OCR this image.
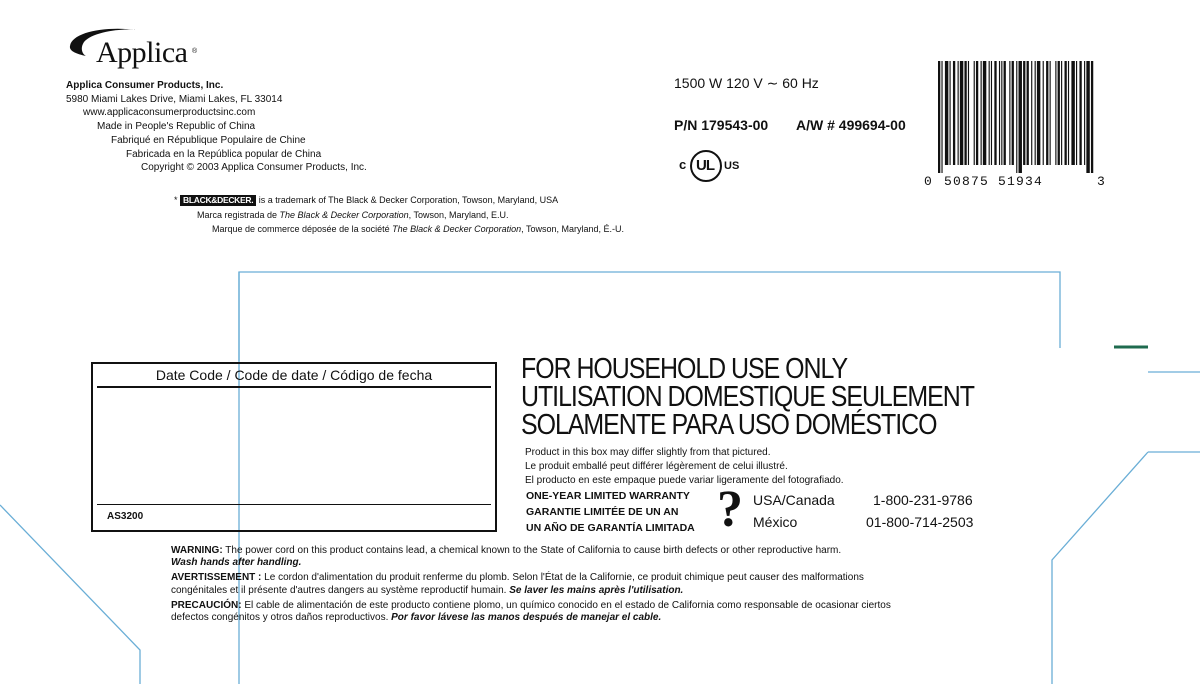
Applica ®
Applica Consumer Products, Inc.
5980 Miami Lakes Drive, Miami Lakes, FL 33014
www.applicaconsumerproductsinc.com
Made in People's Republic of China
Fabriqué en République Populaire de Chine
Fabricada en la República popular de China
Copyright © 2003 Applica Consumer Products, Inc.
* BLACK&DECKER. is a trademark of The Black & Decker Corporation, Towson, Maryland, USA
Marca registrada de The Black & Decker Corporation, Towson, Maryland, E.U.
Marque de commerce déposée de la société The Black & Decker Corporation, Towson, Maryland, É.-U.
1500 W 120 V ∼ 60 Hz
P/N 179543-00 A/W # 499694-00
c UL US
0 50875 51934	3
Date Code / Code de date / Código de fecha
AS3200
FOR HOUSEHOLD USE ONLY
UTILISATION DOMESTIQUE SEULEMENT
SOLAMENTE PARA USO DOMÉSTICO
Product in this box may differ slightly from that pictured.
Le produit emballé peut différer légèrement de celui illustré.
El producto en este empaque puede variar ligeramente del fotografiado.
ONE-YEAR LIMITED WARRANTY
GARANTIE LIMITÉE DE UN AN
UN AÑO DE GARANTÍA LIMITADA ? USA/Canada	1-800-231-9786
México	01-800-714-2503
WARNING: The power cord on this product contains lead, a chemical known to the State of California to cause birth defects or other reproductive harm.
Wash hands after handling.
AVERTISSEMENT : Le cordon d'alimentation du produit renferme du plomb. Selon l'État de la Californie, ce produit chimique peut causer des malformations
congénitales et il présente d'autres dangers au système reproductif humain. Se laver les mains après l'utilisation.
PRECAUCIÓN: El cable de alimentación de este producto contiene plomo, un químico conocido en el estado de California como responsable de ocasionar ciertos
defectos congénitos y otros daños reproductivos. Por favor lávese las manos después de manejar el cable.
